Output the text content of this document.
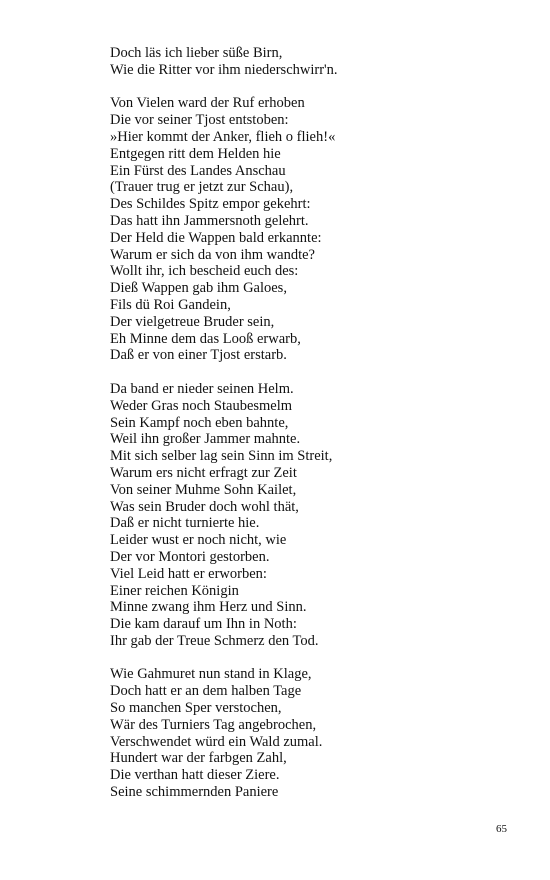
Doch läs ich lieber süße Birn,
Wie die Ritter vor ihm niederschwirr'n.
Von Vielen ward der Ruf erhoben
Die vor seiner Tjost entstoben:
»Hier kommt der Anker, flieh o flieh!«
Entgegen ritt dem Helden hie
Ein Fürst des Landes Anschau
(Trauer trug er jetzt zur Schau),
Des Schildes Spitz empor gekehrt:
Das hatt ihn Jammersnoth gelehrt.
Der Held die Wappen bald erkannte:
Warum er sich da von ihm wandte?
Wollt ihr, ich bescheid euch des:
Dieß Wappen gab ihm Galoes,
Fils dü Roi Gandein,
Der vielgetreue Bruder sein,
Eh Minne dem das Looß erwarb,
Daß er von einer Tjost erstarb.
Da band er nieder seinen Helm.
Weder Gras noch Staubesmelm
Sein Kampf noch eben bahnte,
Weil ihn großer Jammer mahnte.
Mit sich selber lag sein Sinn im Streit,
Warum ers nicht erfragt zur Zeit
Von seiner Muhme Sohn Kailet,
Was sein Bruder doch wohl thät,
Daß er nicht turnierte hie.
Leider wust er noch nicht, wie
Der vor Montori gestorben.
Viel Leid hatt er erworben:
Einer reichen Königin
Minne zwang ihm Herz und Sinn.
Die kam darauf um Ihn in Noth:
Ihr gab der Treue Schmerz den Tod.
Wie Gahmuret nun stand in Klage,
Doch hatt er an dem halben Tage
So manchen Sper verstochen,
Wär des Turniers Tag angebrochen,
Verschwendet würd ein Wald zumal.
Hundert war der farbgen Zahl,
Die verthan hatt dieser Ziere.
Seine schimmernden Paniere
65
